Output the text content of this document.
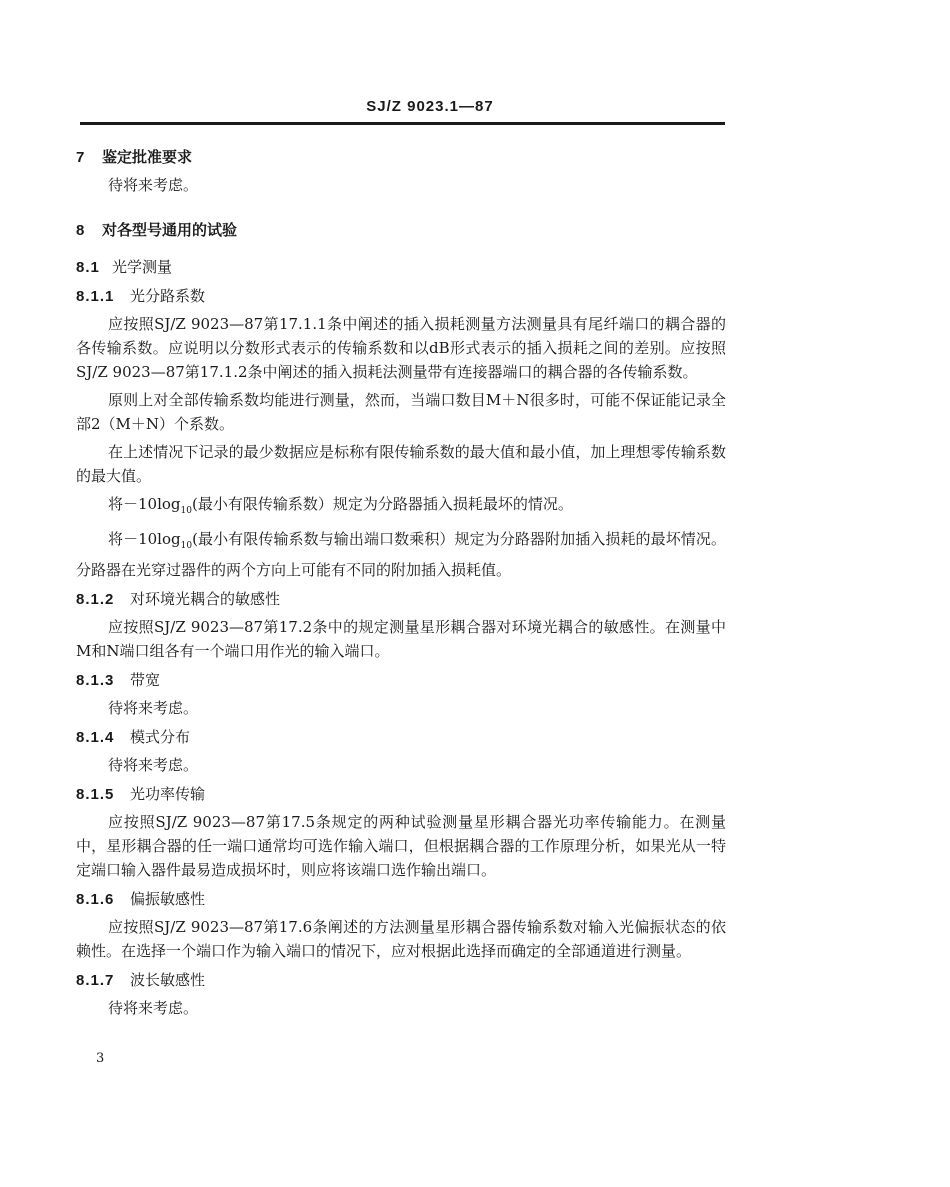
SJ/Z 9023.1—87
7 鉴定批准要求

待将来考虑。

8 对各型号通用的试验
8.1 光学测量
8.1.1 光分路系数

应按照SJ/Z 9023—87第17.1.1条中阐述的插入损耗测量方法测量具有尾纤端口的耦合器的各传输系数。应说明以分数形式表示的传输系数和以dB形式表示的插入损耗之间的差别。应按照SJ/Z 9023—87第17.1.2条中阐述的插入损耗法测量带有连接器端口的耦合器的各传输系数。

原则上对全部传输系数均能进行测量，然而，当端口数目M＋N很多时，可能不保证能记录全部2（M＋N）个系数。

在上述情况下记录的最少数据应是标称有限传输系数的最大值和最小值，加上理想零传输系数的最大值。

将$-10\log_{10}$(最小有限传输系数）规定为分路器插入损耗最坏的情况。

将$-10\log_{10}$(最小有限传输系数与输出端口数乘积）规定为分路器附加插入损耗的最坏情况。分路器在光穿过器件的两个方向上可能有不同的附加插入损耗值。

8.1.2 对环境光耦合的敏感性

应按照SJ/Z 9023—87第17.2条中的规定测量星形耦合器对环境光耦合的敏感性。在测量中M和N端口组各有一个端口用作光的输入端口。

8.1.3 带宽

待将来考虑。

8.1.4 模式分布

待将来考虑。

8.1.5 光功率传输

应按照SJ/Z 9023—87第17.5条规定的两种试验测量星形耦合器光功率传输能力。在测量中，星形耦合器的任一端口通常均可选作输入端口，但根据耦合器的工作原理分析，如果光从一特定端口输入器件最易造成损坏时，则应将该端口选作输出端口。

8.1.6 偏振敏感性

应按照SJ/Z 9023—87第17.6条阐述的方法测量星形耦合器传输系数对输入光偏振状态的依赖性。在选择一个端口作为输入端口的情况下，应对根据此选择而确定的全部通道进行测量。

8.1.7 波长敏感性

待将来考虑。

3
